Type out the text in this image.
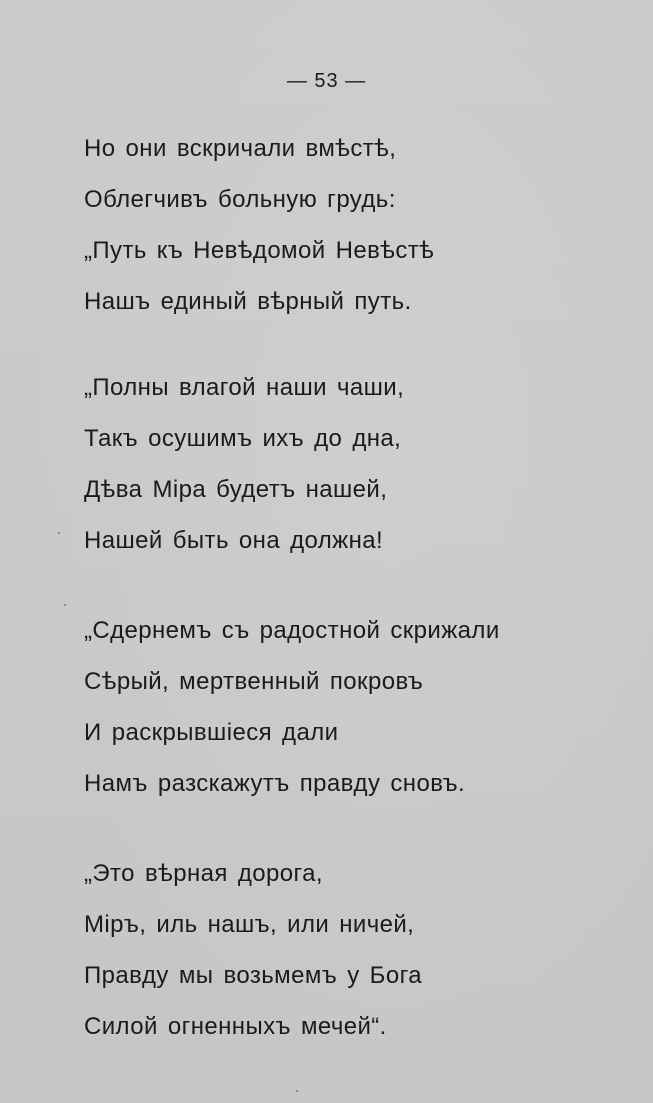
— 53 —
Но они вскричали вмѣстѣ,
Облегчивъ больную грудь:
„Путь къ Невѣдомой Невѣстѣ
Нашъ единый вѣрный путь.
„Полны влагой наши чаши,
Такъ осушимъ ихъ до дна,
Дѣва Міра будетъ нашей,
Нашей быть она должна!
„Сдернемъ съ радостной скрижали
Сѣрый, мертвенный покровъ
И раскрывшіеся дали
Намъ разскажутъ правду сновъ.
„Это вѣрная дорога,
Міръ, иль нашъ, или ничей,
Правду мы возьмемъ у Бога
Силой огненныхъ мечей“.
